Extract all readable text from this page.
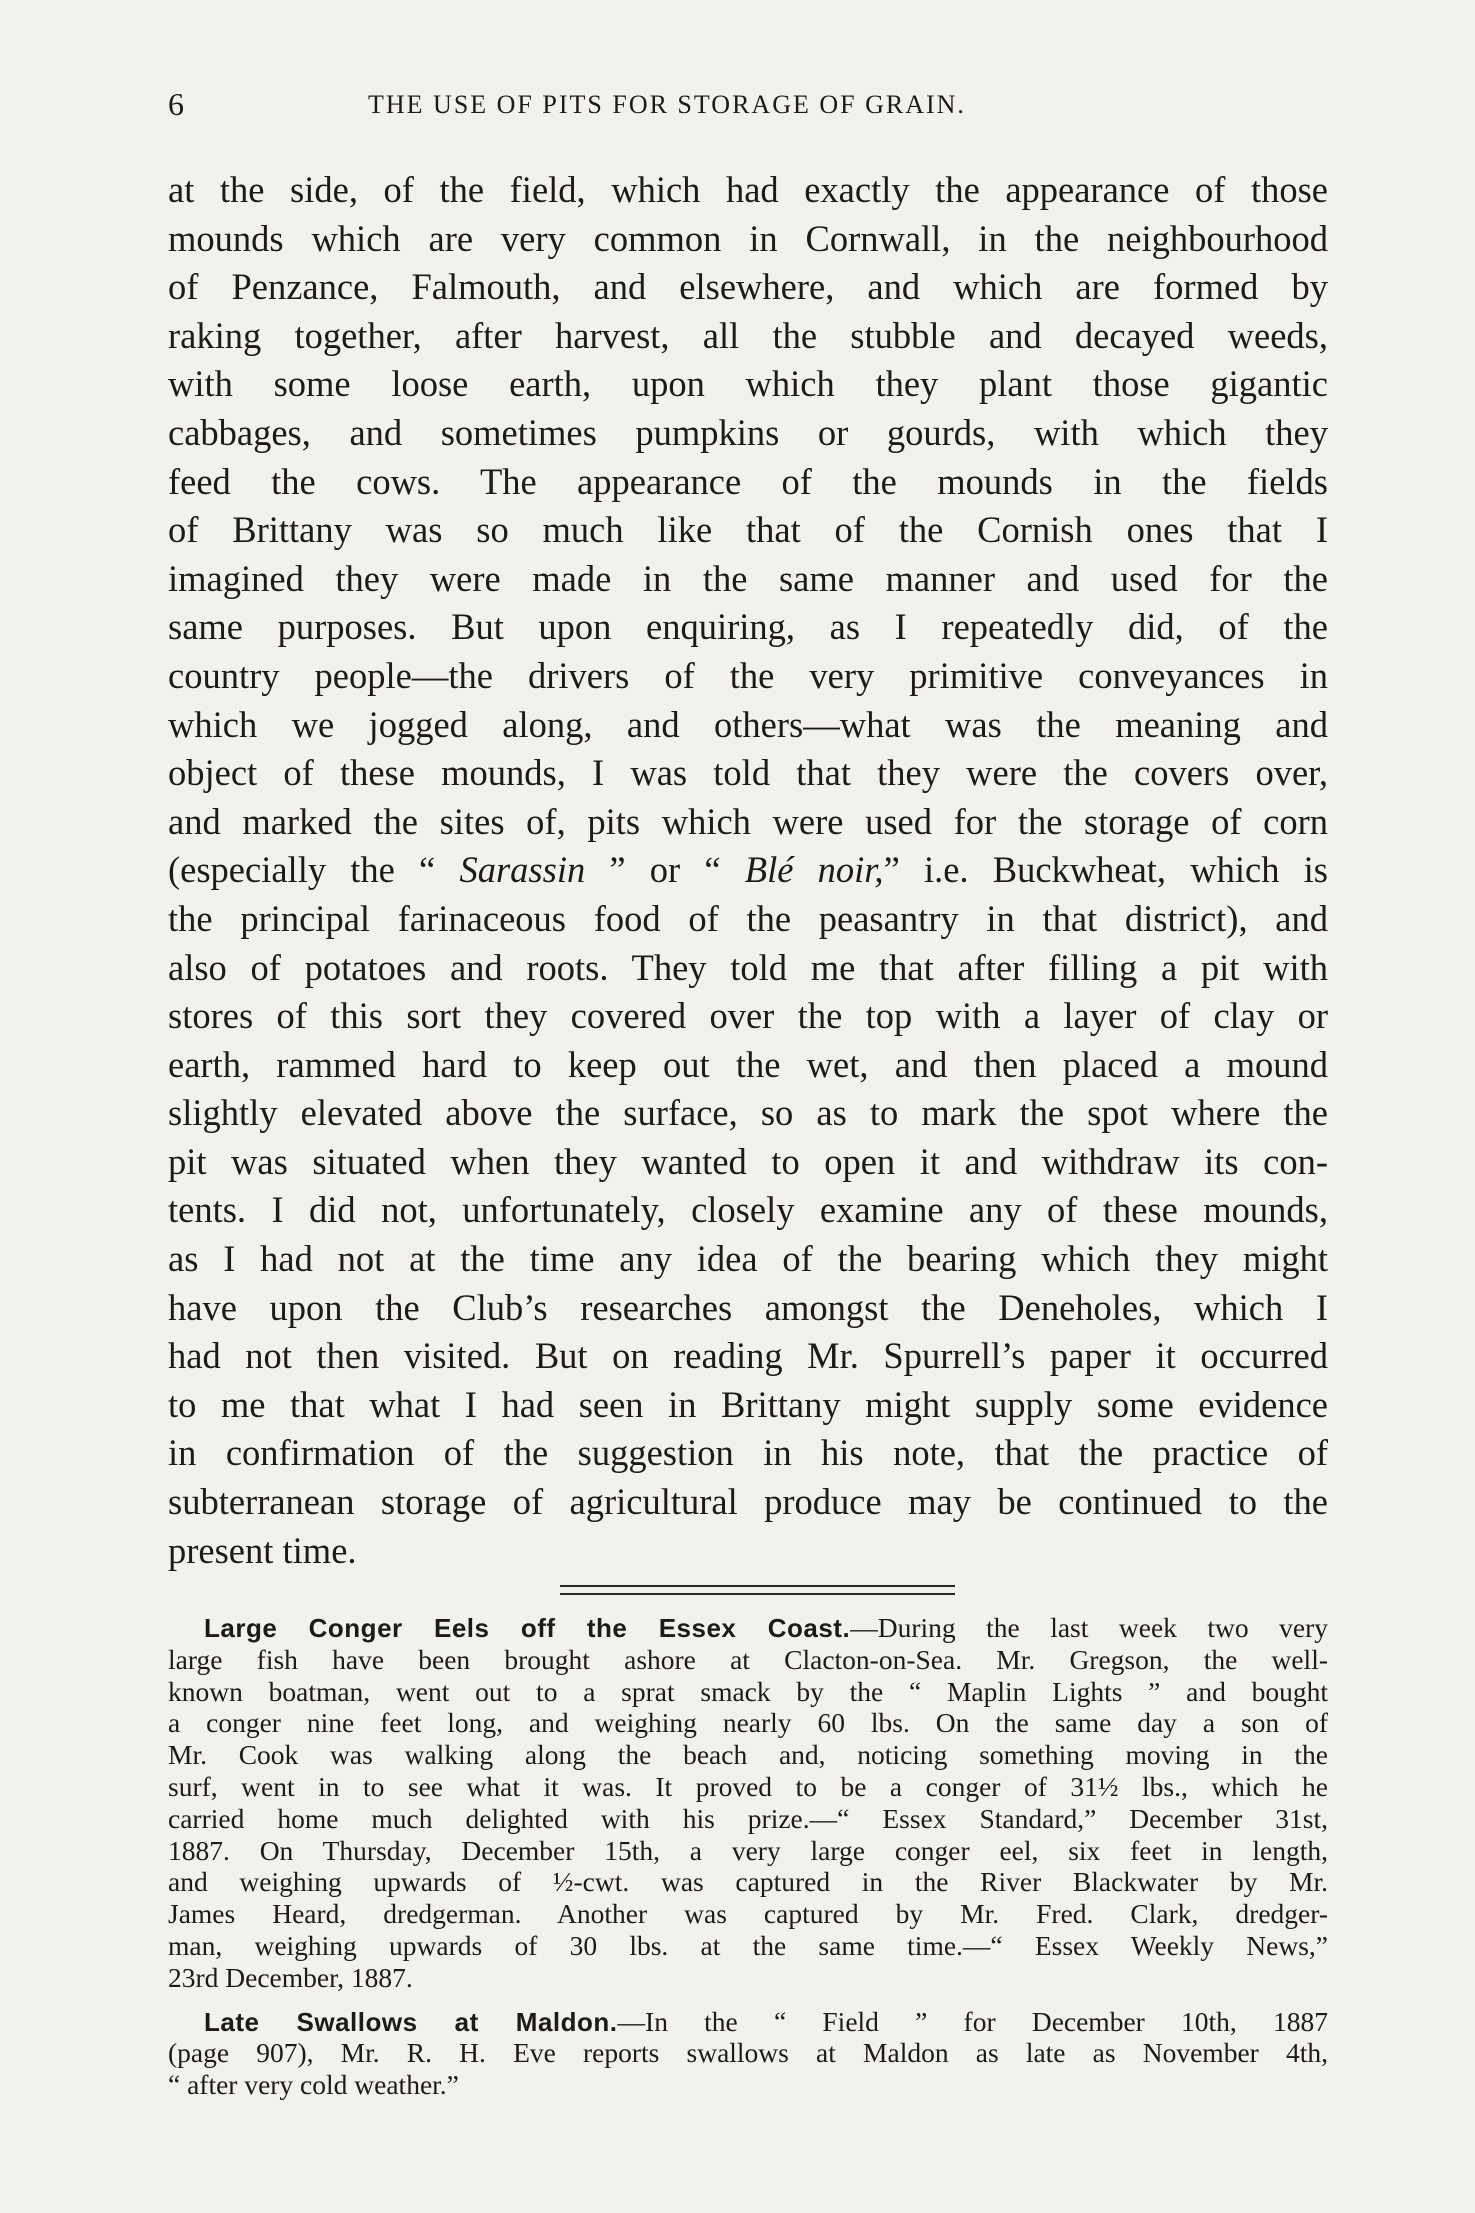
6	THE USE OF PITS FOR STORAGE OF GRAIN.
at the side, of the field, which had exactly the appearance of those
mounds which are very common in Cornwall, in the neighbourhood
of Penzance, Falmouth, and elsewhere, and which are formed by
raking together, after harvest, all the stubble and decayed weeds,
with some loose earth, upon which they plant those gigantic
cabbages, and sometimes pumpkins or gourds, with which they
feed the cows. The appearance of the mounds in the fields
of Brittany was so much like that of the Cornish ones that I
imagined they were made in the same manner and used for the
same purposes. But upon enquiring, as I repeatedly did, of the
country people—the drivers of the very primitive conveyances in
which we jogged along, and others—what was the meaning and
object of these mounds, I was told that they were the covers over,
and marked the sites of, pits which were used for the storage of corn
(especially the “ Sarassin ” or “ Blé noir,” i.e. Buckwheat, which is
the principal farinaceous food of the peasantry in that district), and
also of potatoes and roots. They told me that after filling a pit with
stores of this sort they covered over the top with a layer of clay or
earth, rammed hard to keep out the wet, and then placed a mound
slightly elevated above the surface, so as to mark the spot where the
pit was situated when they wanted to open it and withdraw its con-
tents. I did not, unfortunately, closely examine any of these mounds,
as I had not at the time any idea of the bearing which they might
have upon the Club’s researches amongst the Deneholes, which I
had not then visited. But on reading Mr. Spurrell’s paper it occurred
to me that what I had seen in Brittany might supply some evidence
in confirmation of the suggestion in his note, that the practice of
subterranean storage of agricultural produce may be continued to the
present time.
Large Conger Eels off the Essex Coast.—During the last week two very
large fish have been brought ashore at Clacton-on-Sea. Mr. Gregson, the well-
known boatman, went out to a sprat smack by the “ Maplin Lights ” and bought
a conger nine feet long, and weighing nearly 60 lbs. On the same day a son of
Mr. Cook was walking along the beach and, noticing something moving in the
surf, went in to see what it was. It proved to be a conger of 31½ lbs., which he
carried home much delighted with his prize.—“ Essex Standard,” December 31st,
1887. On Thursday, December 15th, a very large conger eel, six feet in length,
and weighing upwards of ½-cwt. was captured in the River Blackwater by Mr.
James Heard, dredgerman. Another was captured by Mr. Fred. Clark, dredger-
man, weighing upwards of 30 lbs. at the same time.—“ Essex Weekly News,”
23rd December, 1887.
Late Swallows at Maldon.—In the “ Field ” for December 10th, 1887
(page 907), Mr. R. H. Eve reports swallows at Maldon as late as November 4th,
“ after very cold weather.”
